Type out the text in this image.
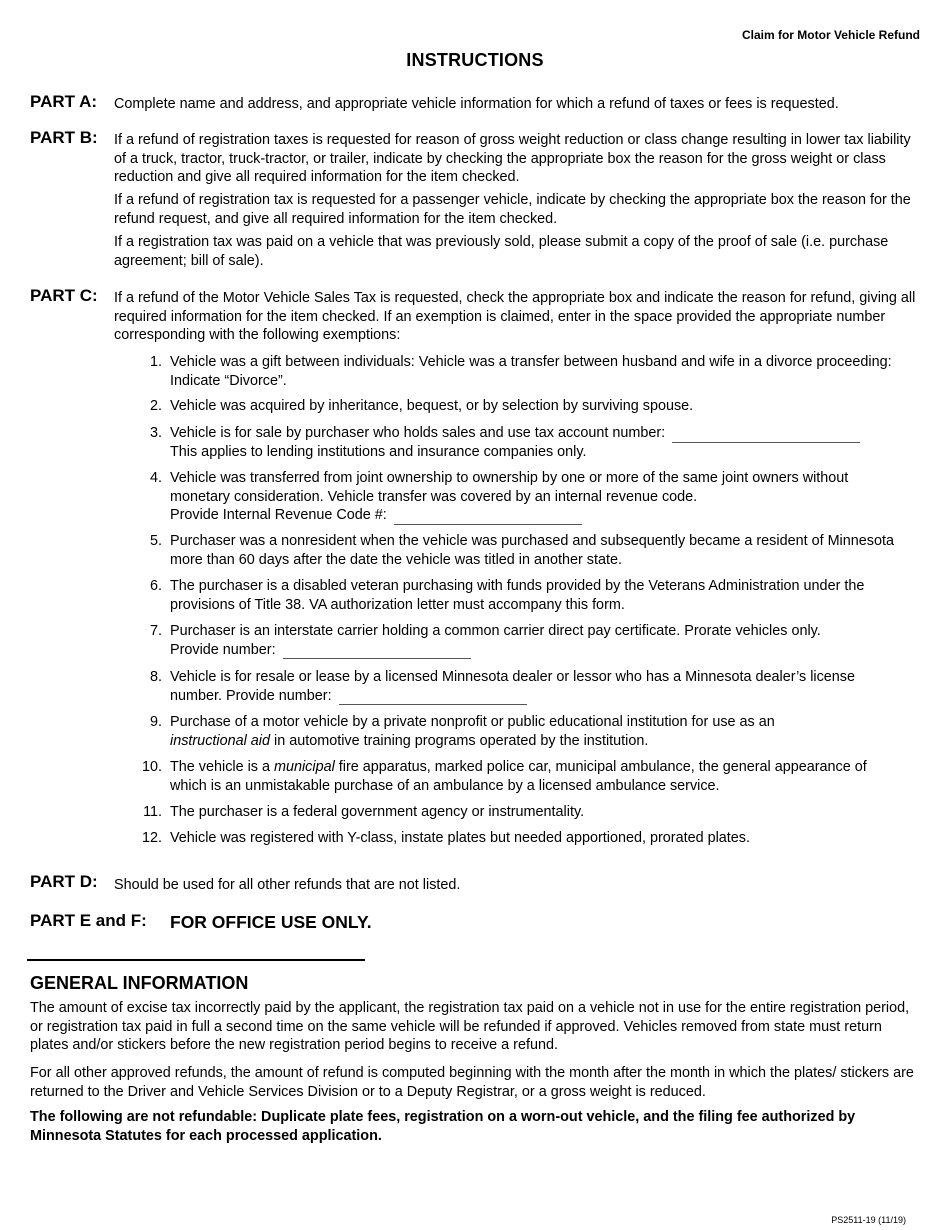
Claim for Motor Vehicle Refund
INSTRUCTIONS
PART A: Complete name and address, and appropriate vehicle information for which a refund of taxes or fees is requested.
PART B: If a refund of registration taxes is requested for reason of gross weight reduction or class change resulting in lower tax liability of a truck, tractor, truck-tractor, or trailer, indicate by checking the appropriate box the reason for the gross weight or class reduction and give all required information for the item checked.
If a refund of registration tax is requested for a passenger vehicle, indicate by checking the appropriate box the reason for the refund request, and give all required information for the item checked.
If a registration tax was paid on a vehicle that was previously sold, please submit a copy of the proof of sale (i.e. purchase agreement; bill of sale).
PART C: If a refund of the Motor Vehicle Sales Tax is requested, check the appropriate box and indicate the reason for refund, giving all required information for the item checked. If an exemption is claimed, enter in the space provided the appropriate number corresponding with the following exemptions:
1. Vehicle was a gift between individuals: Vehicle was a transfer between husband and wife in a divorce proceeding: Indicate “Divorce”.
2. Vehicle was acquired by inheritance, bequest, or by selection by surviving spouse.
3. Vehicle is for sale by purchaser who holds sales and use tax account number:
This applies to lending institutions and insurance companies only.
4. Vehicle was transferred from joint ownership to ownership by one or more of the same joint owners without monetary consideration. Vehicle transfer was covered by an internal revenue code.
Provide Internal Revenue Code #:
5. Purchaser was a nonresident when the vehicle was purchased and subsequently became a resident of Minnesota more than 60 days after the date the vehicle was titled in another state.
6. The purchaser is a disabled veteran purchasing with funds provided by the Veterans Administration under the provisions of Title 38. VA authorization letter must accompany this form.
7. Purchaser is an interstate carrier holding a common carrier direct pay certificate. Prorate vehicles only.
Provide number:
8. Vehicle is for resale or lease by a licensed Minnesota dealer or lessor who has a Minnesota dealer’s license number. Provide number:
9. Purchase of a motor vehicle by a private nonprofit or public educational institution for use as an
instructional aid in automotive training programs operated by the institution.
10. The vehicle is a municipal fire apparatus, marked police car, municipal ambulance, the general appearance of which is an unmistakable purchase of an ambulance by a licensed ambulance service.
11. The purchaser is a federal government agency or instrumentality.
12. Vehicle was registered with Y-class, instate plates but needed apportioned, prorated plates.
PART D: Should be used for all other refunds that are not listed.
PART E and F: FOR OFFICE USE ONLY.
GENERAL INFORMATION
The amount of excise tax incorrectly paid by the applicant, the registration tax paid on a vehicle not in use for the entire registration period, or registration tax paid in full a second time on the same vehicle will be refunded if approved. Vehicles removed from state must return plates and/or stickers before the new registration period begins to receive a refund.
For all other approved refunds, the amount of refund is computed beginning with the month after the month in which the plates/ stickers are returned to the Driver and Vehicle Services Division or to a Deputy Registrar, or a gross weight is reduced.
The following are not refundable: Duplicate plate fees, registration on a worn-out vehicle, and the filing fee authorized by Minnesota Statutes for each processed application.
PS2511-19 (11/19)
